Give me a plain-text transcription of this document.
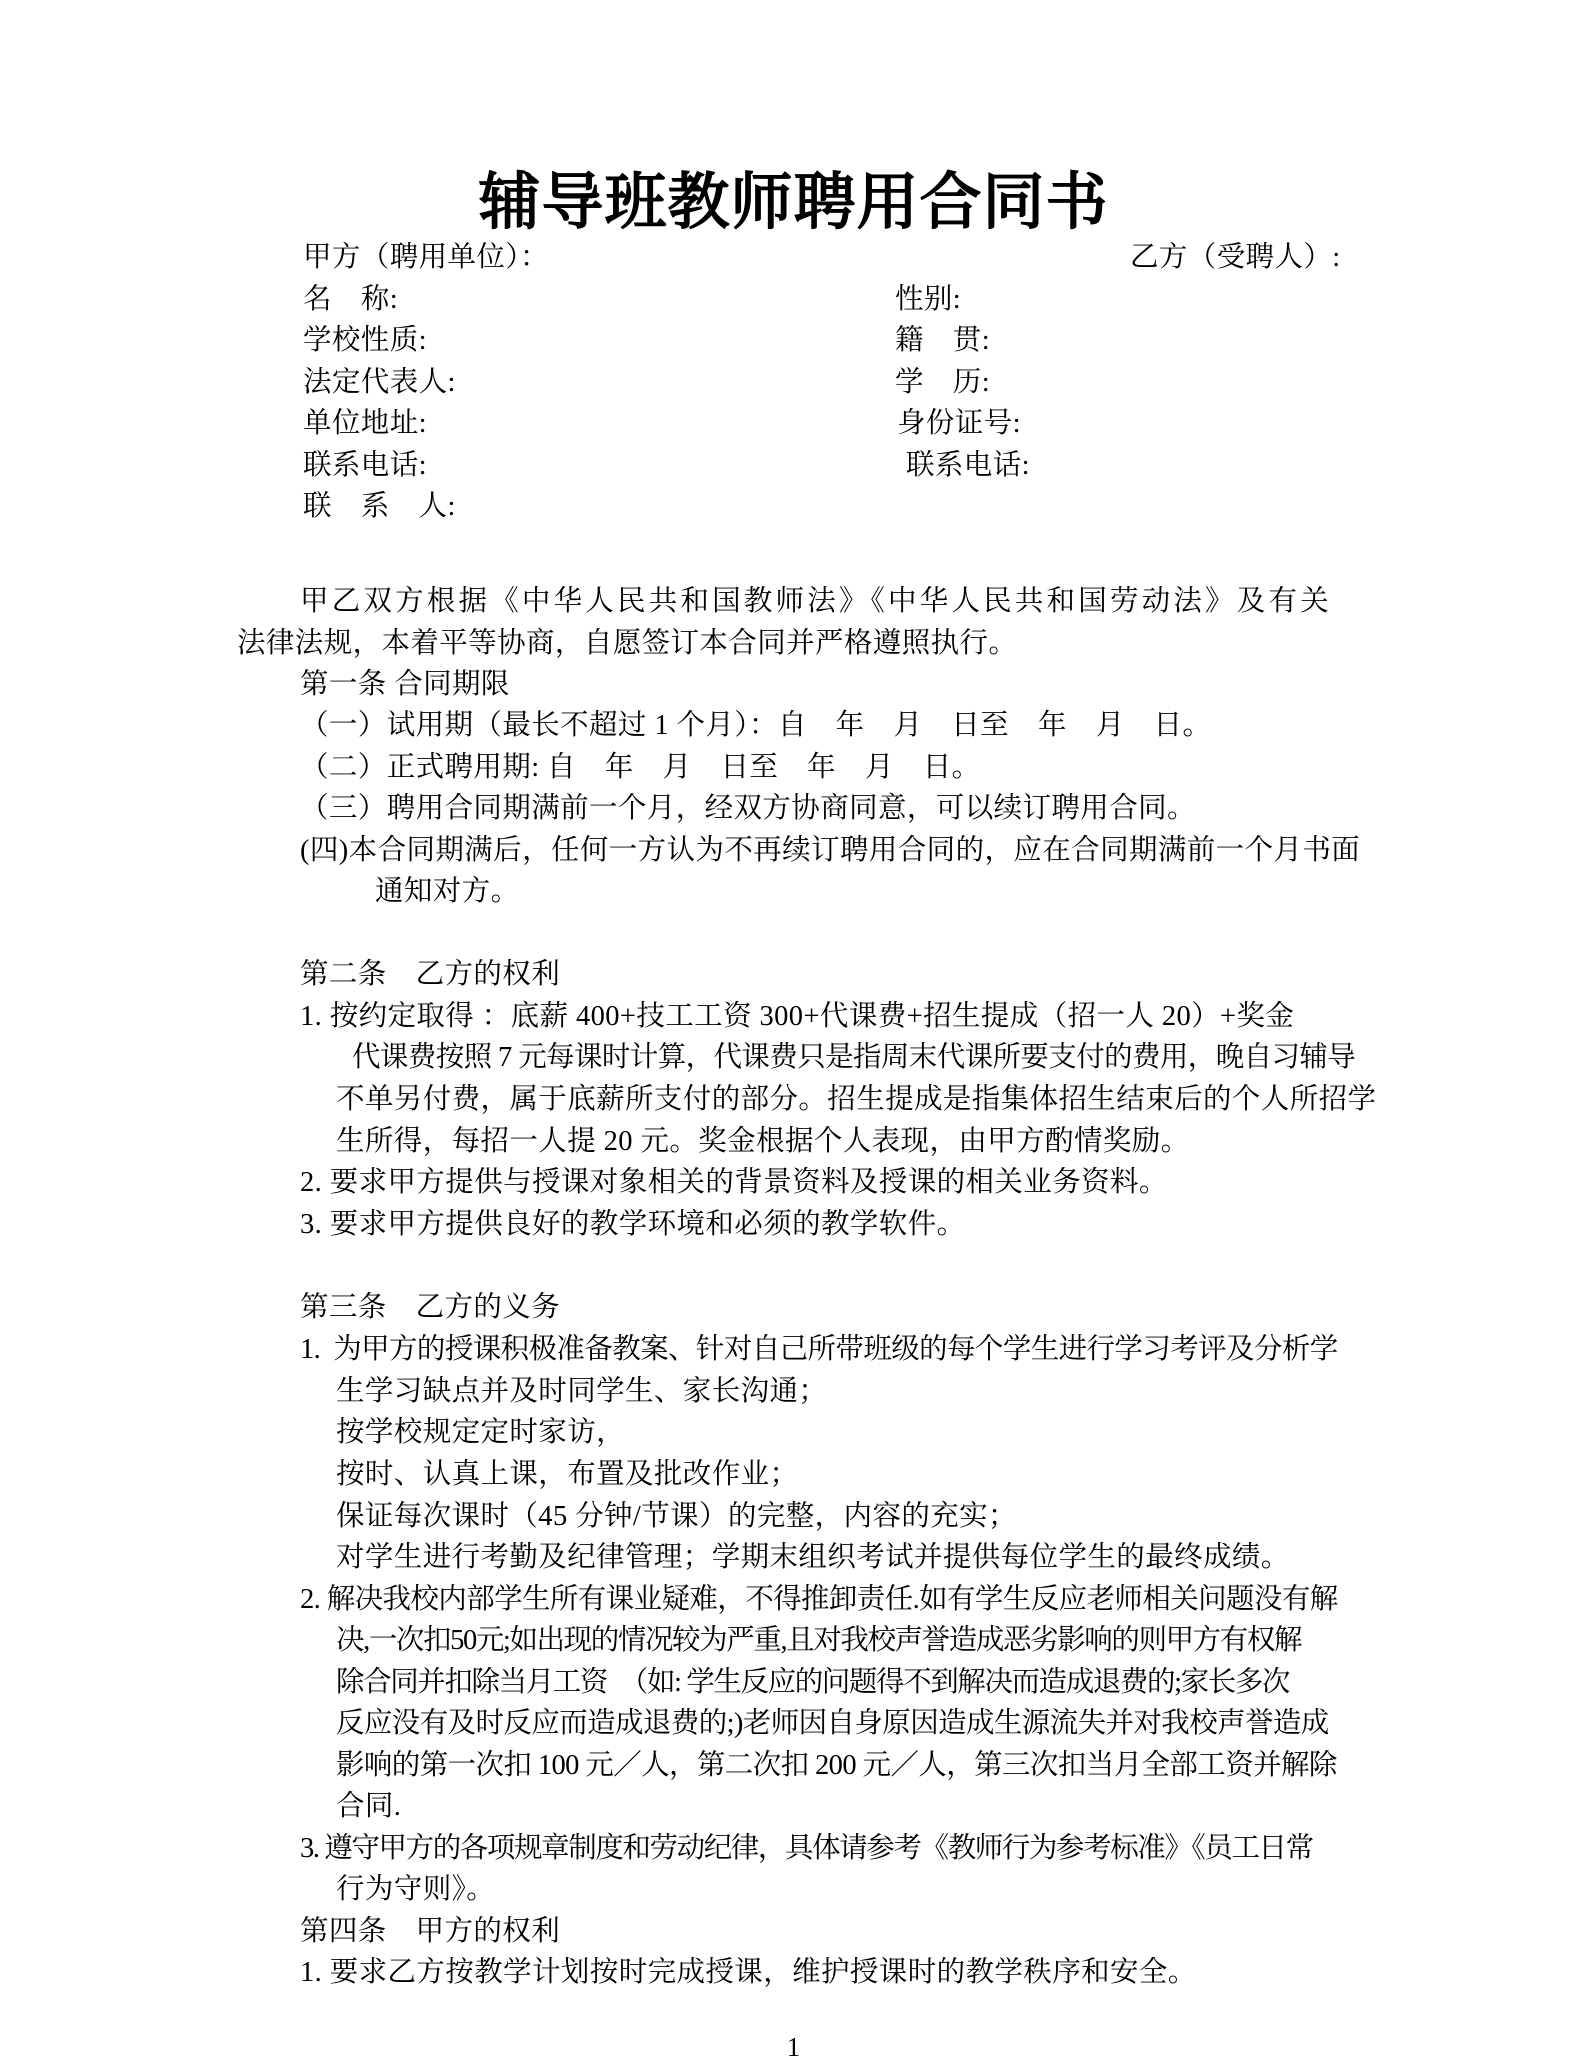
辅导班教师聘用合同书
甲方（聘用单位）：	乙方（受聘人）:
名　称:
学校性质:
法定代表人:
单位地址:
联系电话:
联　系　人:
性别:
籍　贯:
学　历:
身份证号:
联系电话:
甲乙双方根据《中华人民共和国教师法》《中华人民共和国劳动法》及有关
法律法规，本着平等协商，自愿签订本合同并严格遵照执行。
第一条 合同期限
（一）试用期（最长不超过 1 个月）：自　年　月　日至　年　月　日。
（二）正式聘用期: 自　年　月　日至　年　月　日。
（三）聘用合同期满前一个月，经双方协商同意，可以续订聘用合同。
(四)本合同期满后，任何一方认为不再续订聘用合同的，应在合同期满前一个月书面
通知对方。
第二条　乙方的权利
1. 按约定取得 ：底薪 400+技工工资 300+代课费+招生提成（招一人 20）+奖金
代课费按照 7 元每课时计算，代课费只是指周末代课所要支付的费用，晚自习辅导
不单另付费，属于底薪所支付的部分。招生提成是指集体招生结束后的个人所招学
生所得，每招一人提 20 元。奖金根据个人表现，由甲方酌情奖励。
2. 要求甲方提供与授课对象相关的背景资料及授课的相关业务资料。
3. 要求甲方提供良好的教学环境和必须的教学软件。
第三条　乙方的义务
1.  为甲方的授课积极准备教案、针对自己所带班级的每个学生进行学习考评及分析学
生学习缺点并及时同学生、家长沟通；
按学校规定定时家访，
按时、认真上课，布置及批改作业；
保证每次课时（45 分钟/节课）的完整，内容的充实；
对学生进行考勤及纪律管理；学期末组织考试并提供每位学生的最终成绩。
2. 解决我校内部学生所有课业疑难，不得推卸责任.如有学生反应老师相关问题没有解
决,一次扣50元;如出现的情况较为严重,且对我校声誉造成恶劣影响的则甲方有权解
除合同并扣除当月工资　（如: 学生反应的问题得不到解决而造成退费的;家长多次
反应没有及时反应而造成退费的;)老师因自身原因造成生源流失并对我校声誉造成
影响的第一次扣 100 元／人，第二次扣 200 元／人，第三次扣当月全部工资并解除
合同.
3. 遵守甲方的各项规章制度和劳动纪律，具体请参考《教师行为参考标准》《员工日常
行为守则》。
第四条　甲方的权利
1. 要求乙方按教学计划按时完成授课，维护授课时的教学秩序和安全。
1
